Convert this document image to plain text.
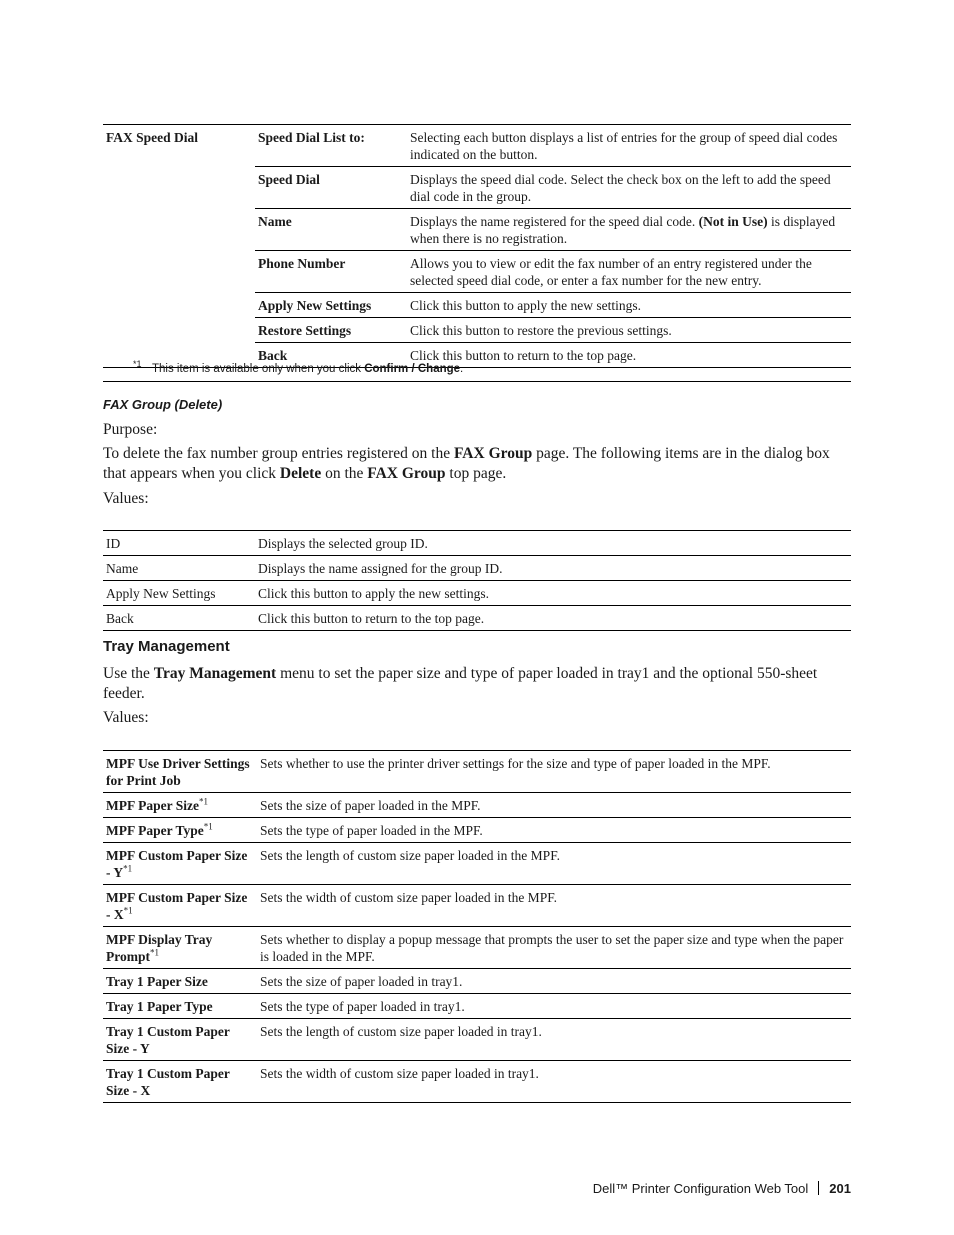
FAX Speed Dial	Speed Dial List to:	Selecting each button displays a list of entries for the group of speed dial codes indicated on the button.
	Speed Dial	Displays the speed dial code. Select the check box on the left to add the speed dial code in the group.
	Name	Displays the name registered for the speed dial code. (Not in Use) is displayed when there is no registration.
	Phone Number	Allows you to view or edit the fax number of an entry registered under the selected speed dial code, or enter a fax number for the new entry.
	Apply New Settings	Click this button to apply the new settings.
	Restore Settings	Click this button to restore the previous settings.
	Back	Click this button to return to the top page.
*1 This item is available only when you click Confirm / Change.
FAX Group (Delete)
Purpose:
To delete the fax number group entries registered on the FAX Group page. The following items are in the dialog box that appears when you click Delete on the FAX Group top page.
Values:
ID	Displays the selected group ID.
Name	Displays the name assigned for the group ID.
Apply New Settings	Click this button to apply the new settings.
Back	Click this button to return to the top page.
Tray Management
Use the Tray Management menu to set the paper size and type of paper loaded in tray1 and the optional 550-sheet feeder.
Values:
MPF Use Driver Settings for Print Job	Sets whether to use the printer driver settings for the size and type of paper loaded in the MPF.
MPF Paper Size$^{*1}$	Sets the size of paper loaded in the MPF.
MPF Paper Type$^{*1}$	Sets the type of paper loaded in the MPF.
MPF Custom Paper Size - $Y^{*1}$	Sets the length of custom size paper loaded in the MPF.
MPF Custom Paper Size - $X^{*1}$	Sets the width of custom size paper loaded in the MPF.
MPF Display Tray Prompt$^{*1}$	Sets whether to display a popup message that prompts the user to set the paper size and type when the paper is loaded in the MPF.
Tray 1 Paper Size	Sets the size of paper loaded in tray1.
Tray 1 Paper Type	Sets the type of paper loaded in tray1.
Tray 1 Custom Paper Size - Y	Sets the length of custom size paper loaded in tray1.
Tray 1 Custom Paper Size - X	Sets the width of custom size paper loaded in tray1.
Dell™ Printer Configuration Web Tool 201
